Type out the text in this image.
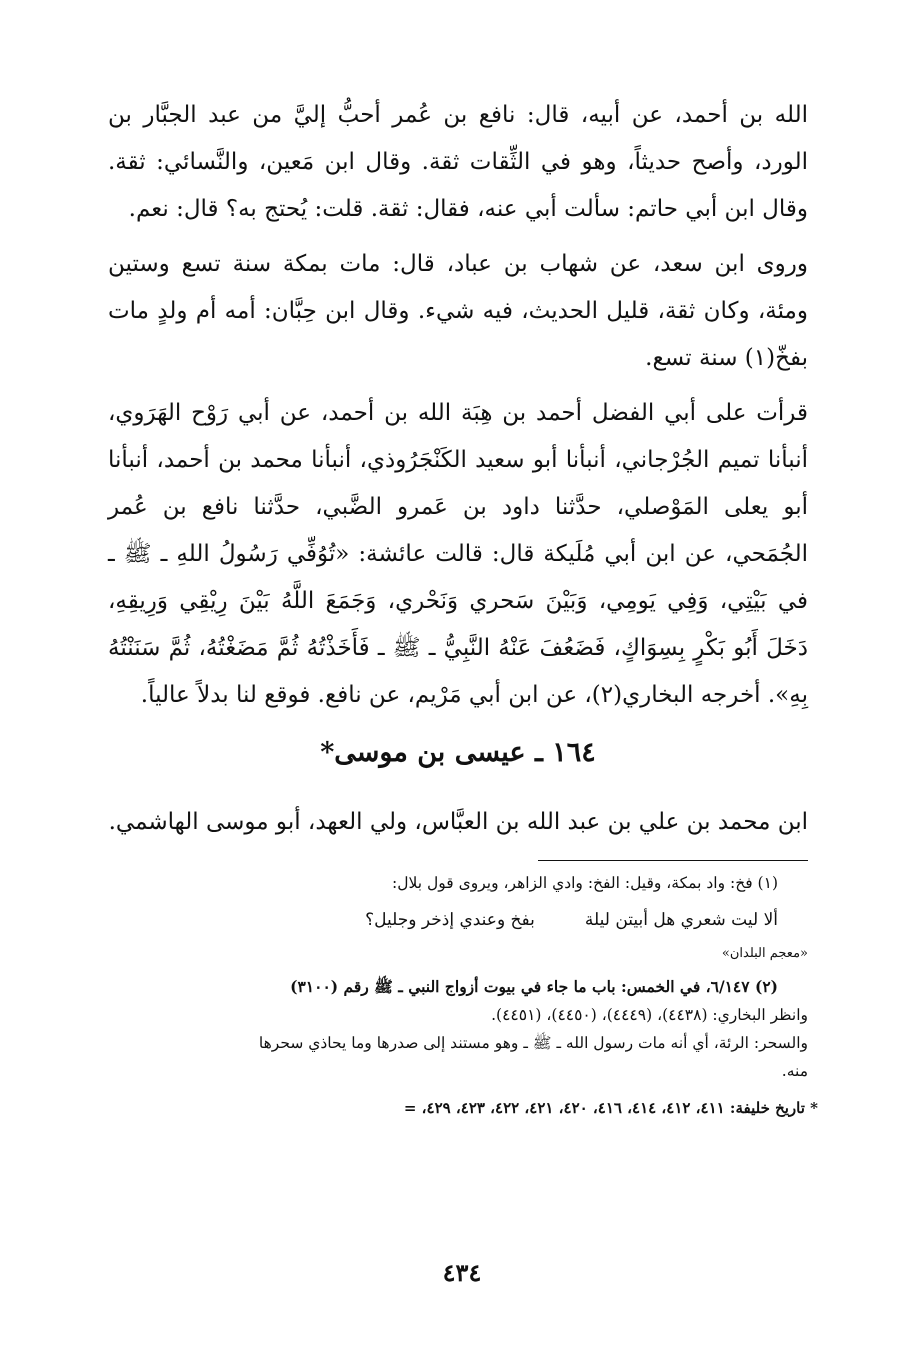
الله بن أحمد، عن أبيه، قال: نافع بن عُمر أحبُّ إليَّ من عبد الجبَّار بن الورد، وأصح حديثاً، وهو في الثِّقات ثقة. وقال ابن مَعين، والنَّسائي: ثقة. وقال ابن أبي حاتم: سألت أبي عنه، فقال: ثقة. قلت: يُحتج به؟ قال: نعم.

وروى ابن سعد، عن شهاب بن عباد، قال: مات بمكة سنة تسع وستين ومئة، وكان ثقة، قليل الحديث، فيه شيء. وقال ابن حِبَّان: أمه أم ولدٍ مات بفخّ(١) سنة تسع.

قرأت على أبي الفضل أحمد بن هِبَة الله بن أحمد، عن أبي رَوْح الهَرَوي، أنبأنا تميم الجُرْجاني، أنبأنا أبو سعيد الكَنْجَرُوذي، أنبأنا محمد بن أحمد، أنبأنا أبو يعلى المَوْصلي، حدَّثنا داود بن عَمرو الضَّبي، حدَّثنا نافع بن عُمر الجُمَحي، عن ابن أبي مُلَيكة قال: قالت عائشة: «تُوُفِّي رَسُولُ اللهِ ـ ﷺ ـ في بَيْتِي، وَفِي يَومِي، وَبَيْنَ سَحري وَنَحْري، وَجَمَعَ اللَّهُ بَيْنَ رِيْقِي وَرِيقِهِ، دَخَلَ أَبُو بَكْرٍ بِسِوَاكٍ، فَضَعُفَ عَنْهُ النَّبِيُّ ـ ﷺ ـ فَأَخَذْتُهُ ثُمَّ مَضَغْتُهُ، ثُمَّ سَنَنْتُهُ بِهِ». أخرجه البخاري(٢)، عن ابن أبي مَرْيم، عن نافع. فوقع لنا بدلاً عالياً.

١٦٤ ـ عيسى بن موسى*

ابن محمد بن علي بن عبد الله بن العبَّاس، ولي العهد، أبو موسى الهاشمي.

(١) فخ: واد بمكة، وقيل: الفخ: وادي الزاهر، ويروى قول بلال:

ألا ليت شعري هل أبيتن ليلةبفخ وعندي إذخر وجليل؟

«معجم البلدان»

(٢) ٦/١٤٧، في الخمس: باب ما جاء في بيوت أزواج النبي ـ ﷺ رقم (٣١٠٠)

وانظر البخاري: (٤٤٣٨)، (٤٤٤٩)، (٤٤٥٠)، (٤٤٥١).

والسحر: الرئة، أي أنه مات رسول الله ـ ﷺ ـ وهو مستند إلى صدرها وما يحاذي سحرها

منه.

* تاريخ خليفة: ٤١١، ٤١٢، ٤١٤، ٤١٦، ٤٢٠، ٤٢١، ٤٢٢، ٤٢٣، ٤٢٩، =

٤٣٤
